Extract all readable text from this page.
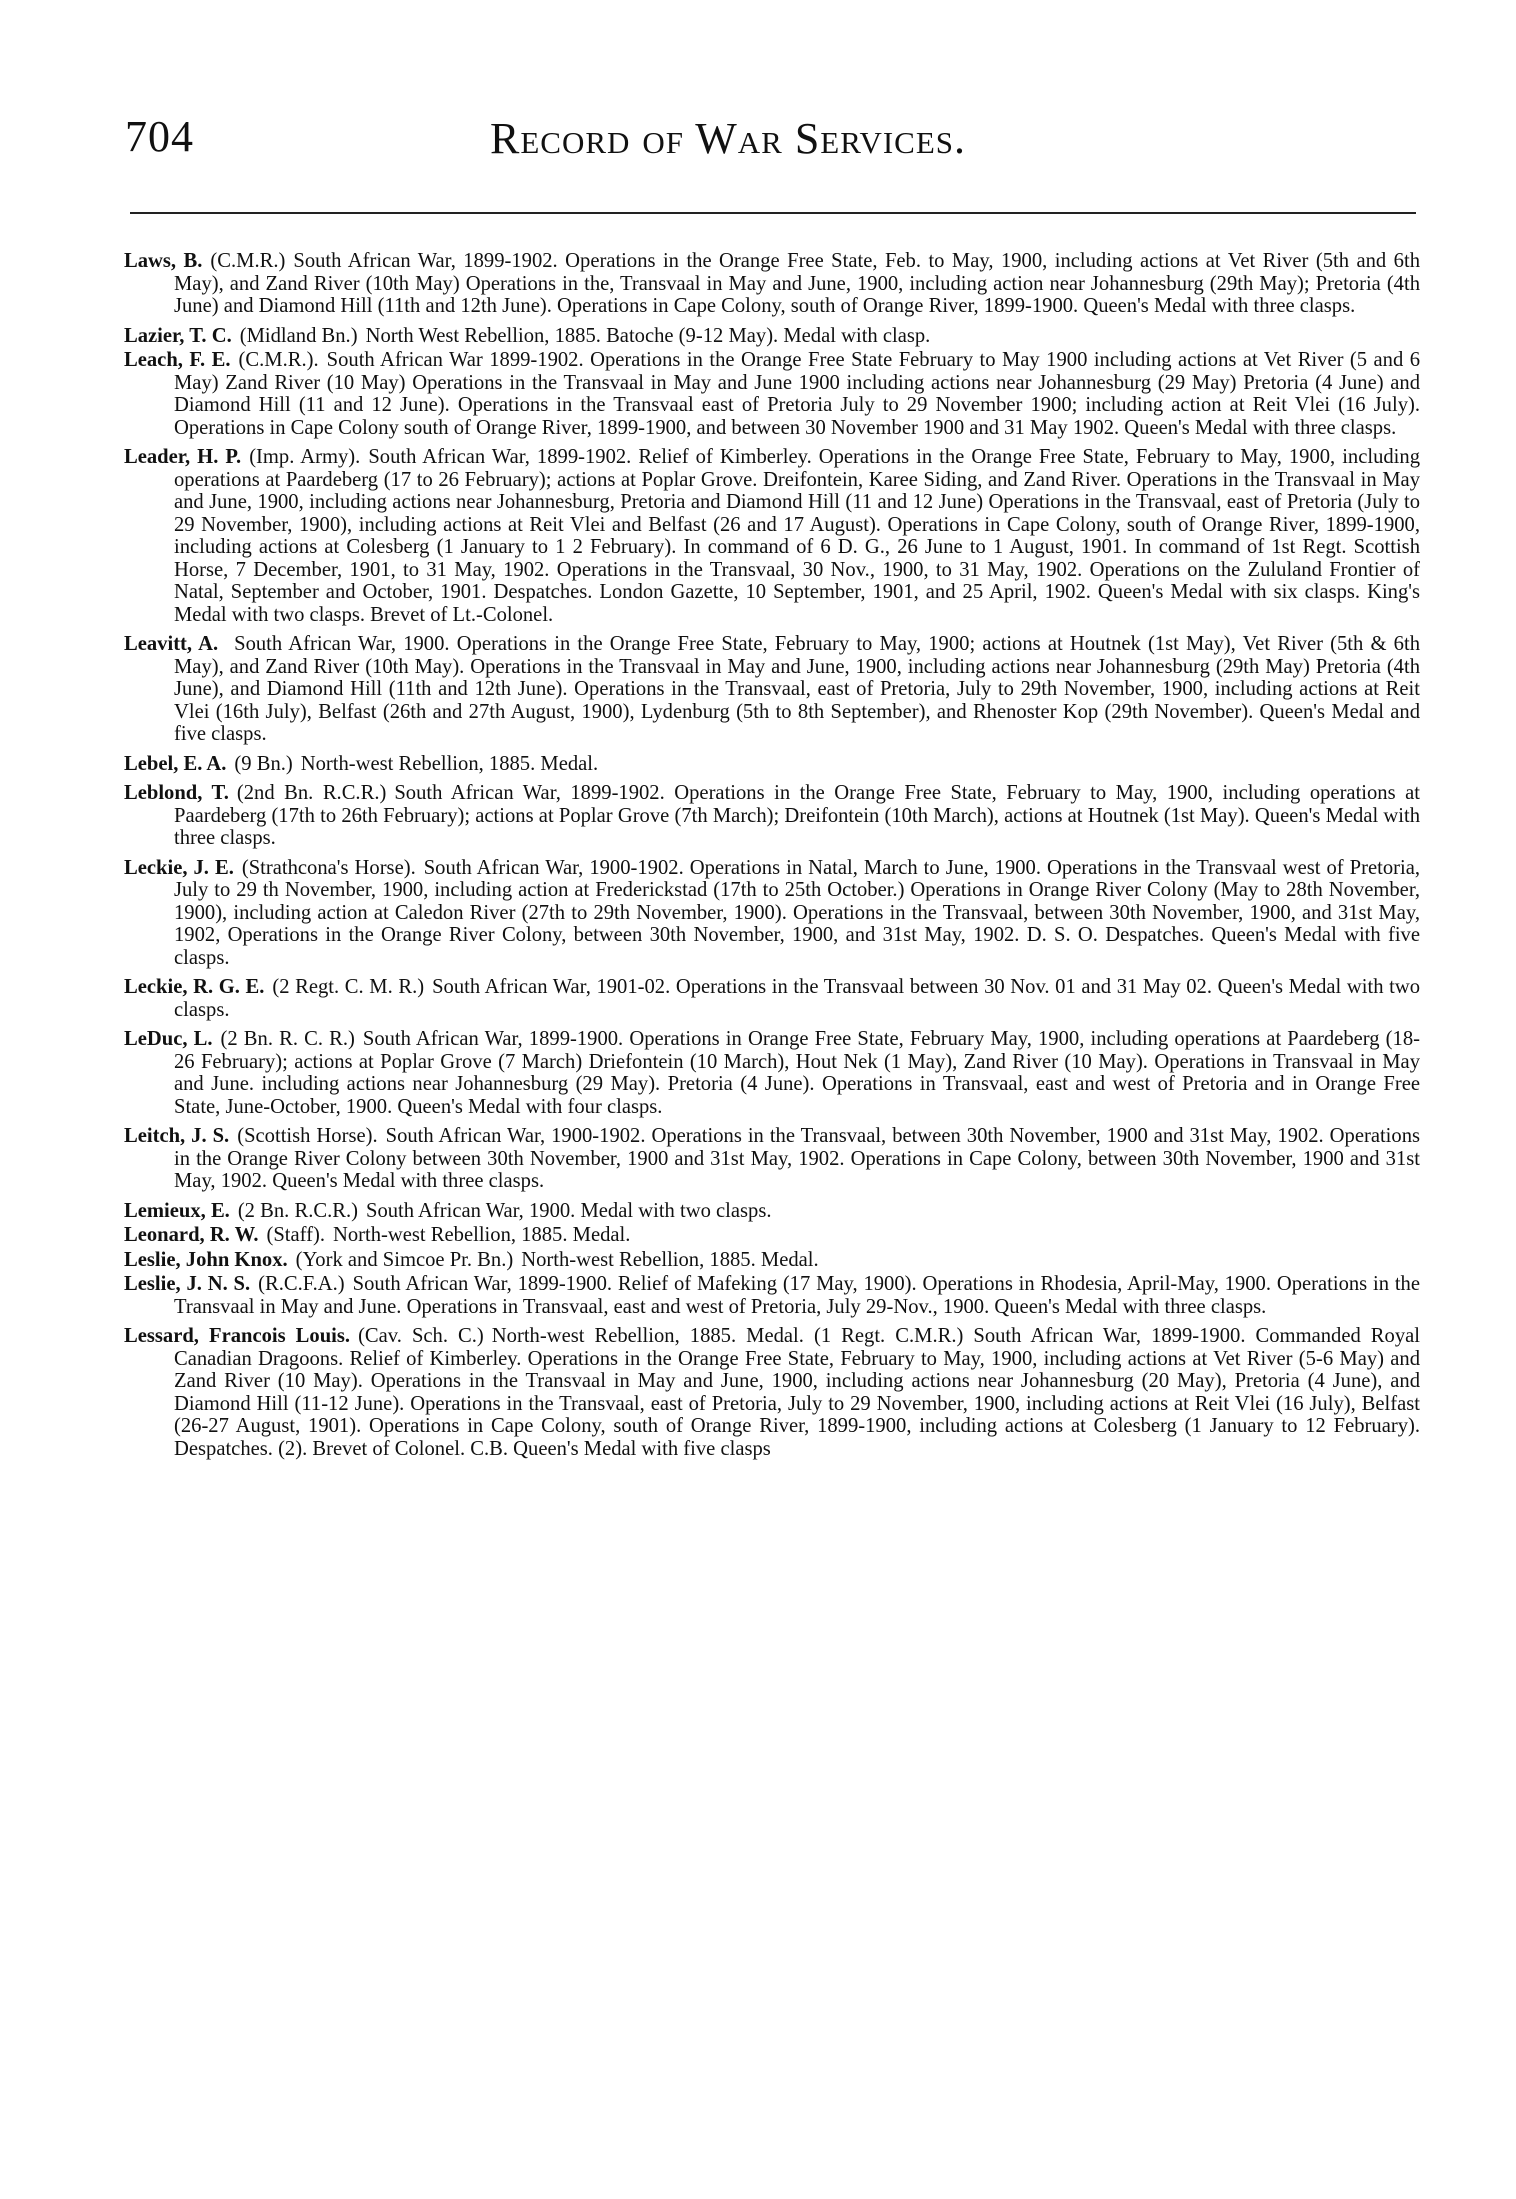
704	Record of War Services.

Laws, B. (C.M.R.) South African War, 1899-1902. Operations in the Orange Free State, Feb. to May, 1900, including actions at Vet River (5th and 6th May), and Zand River (10th May) Operations in the, Transvaal in May and June, 1900, including action near Johannesburg (29th May); Pretoria (4th June) and Diamond Hill (11th and 12th June). Operations in Cape Colony, south of Orange River, 1899-1900. Queen's Medal with three clasps.

Lazier, T. C. (Midland Bn.) North West Rebellion, 1885. Batoche (9-12 May). Medal with clasp.

Leach, F. E. (C.M.R.). South African War 1899-1902. Operations in the Orange Free State February to May 1900 including actions at Vet River (5 and 6 May) Zand River (10 May) Operations in the Transvaal in May and June 1900 including actions near Johannesburg (29 May) Pretoria (4 June) and Diamond Hill (11 and 12 June). Operations in the Transvaal east of Pretoria July to 29 November 1900; including action at Reit Vlei (16 July). Operations in Cape Colony south of Orange River, 1899-1900, and between 30 November 1900 and 31 May 1902. Queen's Medal with three clasps.

Leader, H. P. (Imp. Army). South African War, 1899-1902. Relief of Kimberley. Operations in the Orange Free State, February to May, 1900, including operations at Paardeberg (17 to 26 February); actions at Poplar Grove. Dreifontein, Karee Siding, and Zand River. Operations in the Transvaal in May and June, 1900, including actions near Johannesburg, Pretoria and Diamond Hill (11 and 12 June) Operations in the Transvaal, east of Pretoria (July to 29 November, 1900), including actions at Reit Vlei and Belfast (26 and 17 August). Operations in Cape Colony, south of Orange River, 1899-1900, including actions at Colesberg (1 January to 1 2 February). In command of 6 D. G., 26 June to 1 August, 1901. In command of 1st Regt. Scottish Horse, 7 December, 1901, to 31 May, 1902. Operations in the Transvaal, 30 Nov., 1900, to 31 May, 1902. Operations on the Zululand Frontier of Natal, September and October, 1901. Despatches. London Gazette, 10 September, 1901, and 25 April, 1902. Queen's Medal with six clasps. King's Medal with two clasps. Brevet of Lt.-Colonel.

Leavitt, A. South African War, 1900. Operations in the Orange Free State, February to May, 1900; actions at Houtnek (1st May), Vet River (5th & 6th May), and Zand River (10th May). Operations in the Transvaal in May and June, 1900, including actions near Johannesburg (29th May) Pretoria (4th June), and Diamond Hill (11th and 12th June). Operations in the Transvaal, east of Pretoria, July to 29th November, 1900, including actions at Reit Vlei (16th July), Belfast (26th and 27th August, 1900), Lydenburg (5th to 8th September), and Rhenoster Kop (29th November). Queen's Medal and five clasps.

Lebel, E. A. (9 Bn.) North-west Rebellion, 1885. Medal.

Leblond, T. (2nd Bn. R.C.R.) South African War, 1899-1902. Operations in the Orange Free State, February to May, 1900, including operations at Paardeberg (17th to 26th February); actions at Poplar Grove (7th March); Dreifontein (10th March), actions at Houtnek (1st May). Queen's Medal with three clasps.

Leckie, J. E. (Strathcona's Horse). South African War, 1900-1902. Operations in Natal, March to June, 1900. Operations in the Transvaal west of Pretoria, July to 29 th November, 1900, including action at Frederickstad (17th to 25th October.) Operations in Orange River Colony (May to 28th November, 1900), including action at Caledon River (27th to 29th November, 1900). Operations in the Transvaal, between 30th November, 1900, and 31st May, 1902, Operations in the Orange River Colony, between 30th November, 1900, and 31st May, 1902. D. S. O. Despatches. Queen's Medal with five clasps.

Leckie, R. G. E. (2 Regt. C. M. R.) South African War, 1901-02. Operations in the Transvaal between 30 Nov. 01 and 31 May 02. Queen's Medal with two clasps.

LeDuc, L. (2 Bn. R. C. R.) South African War, 1899-1900. Operations in Orange Free State, February May, 1900, including operations at Paardeberg (18-26 February); actions at Poplar Grove (7 March) Driefontein (10 March), Hout Nek (1 May), Zand River (10 May). Operations in Transvaal in May and June. including actions near Johannesburg (29 May). Pretoria (4 June). Operations in Transvaal, east and west of Pretoria and in Orange Free State, June-October, 1900. Queen's Medal with four clasps.

Leitch, J. S. (Scottish Horse). South African War, 1900-1902. Operations in the Transvaal, between 30th November, 1900 and 31st May, 1902. Operations in the Orange River Colony between 30th November, 1900 and 31st May, 1902. Operations in Cape Colony, between 30th November, 1900 and 31st May, 1902. Queen's Medal with three clasps.

Lemieux, E. (2 Bn. R.C.R.) South African War, 1900. Medal with two clasps.

Leonard, R. W. (Staff). North-west Rebellion, 1885. Medal.

Leslie, John Knox. (York and Simcoe Pr. Bn.) North-west Rebellion, 1885. Medal.

Leslie, J. N. S. (R.C.F.A.) South African War, 1899-1900. Relief of Mafeking (17 May, 1900). Operations in Rhodesia, April-May, 1900. Operations in the Transvaal in May and June. Operations in Transvaal, east and west of Pretoria, July 29-Nov., 1900. Queen's Medal with three clasps.

Lessard, Francois Louis. (Cav. Sch. C.) North-west Rebellion, 1885. Medal. (1 Regt. C.M.R.) South African War, 1899-1900. Commanded Royal Canadian Dragoons. Relief of Kimberley. Operations in the Orange Free State, February to May, 1900, including actions at Vet River (5-6 May) and Zand River (10 May). Operations in the Transvaal in May and June, 1900, including actions near Johannesburg (20 May), Pretoria (4 June), and Diamond Hill (11-12 June). Operations in the Transvaal, east of Pretoria, July to 29 November, 1900, including actions at Reit Vlei (16 July), Belfast (26-27 August, 1901). Operations in Cape Colony, south of Orange River, 1899-1900, including actions at Colesberg (1 January to 12 February). Despatches. (2). Brevet of Colonel. C.B. Queen's Medal with five clasps
